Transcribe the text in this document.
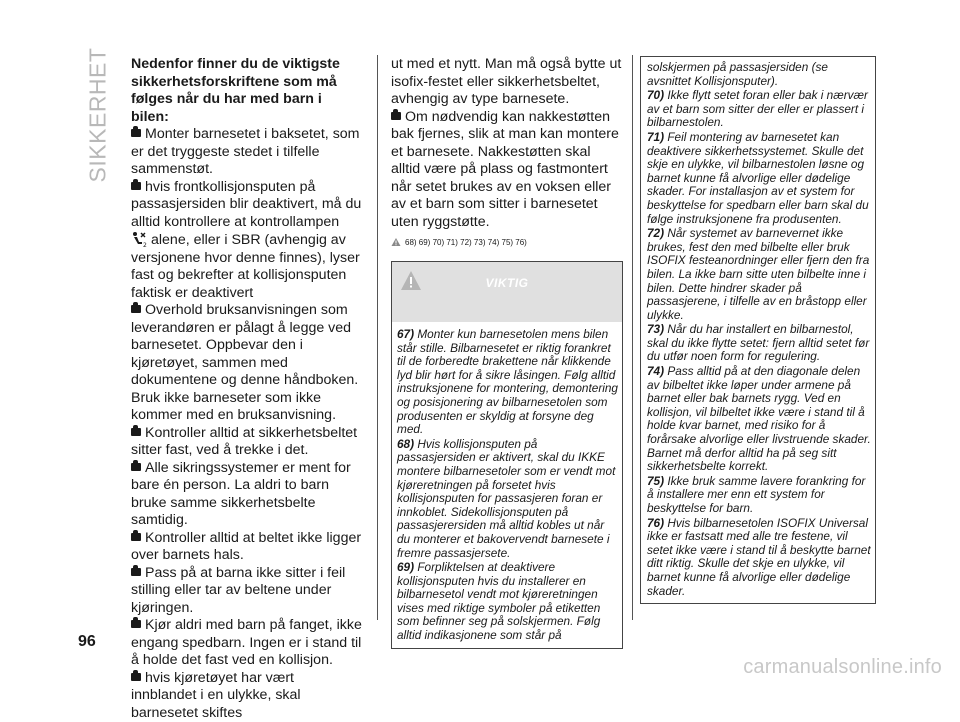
SIKKERHET Nedenfor finner du de viktigste sikkerhetsforskriftene som må følges når du har med barn i bilen:

Monter barnesetet i baksetet, som er det tryggeste stedet i tilfelle sammenstøt.
hvis frontkollisjonsputen på passasjersiden blir deaktivert, må du alltid kontrollere at kontrollampen
2 alene, eller i SBR (avhengig av versjonene hvor denne finnes), lyser fast og bekrefter at kollisjonsputen faktisk er deaktivert
Overhold bruksanvisningen som leverandøren er pålagt å legge ved barnesetet. Oppbevar den i kjøretøyet, sammen med dokumentene og denne håndboken. Bruk ikke barneseter som ikke kommer med en bruksanvisning.
Kontroller alltid at sikkerhetsbeltet sitter fast, ved å trekke i det.
Alle sikringssystemer er ment for bare én person. La aldri to barn bruke samme sikkerhetsbelte samtidig.
Kontroller alltid at beltet ikke ligger over barnets hals.
Pass på at barna ikke sitter i feil stilling eller tar av beltene under kjøringen.
Kjør aldri med barn på fanget, ikke engang spedbarn. Ingen er i stand til å holde det fast ved en kollisjon.
hvis kjøretøyet har vært innblandet i en ulykke, skal barnesetet skiftes

ut med et nytt. Man må også bytte ut isofix-festet eller sikkerhetsbeltet, avhengig av type barnesete.

Om nødvendig kan nakkestøtten bak fjernes, slik at man kan montere et barnesete. Nakkestøtten skal alltid være på plass og fastmontert når setet brukes av en voksen eller av et barn som sitter i barnesetet uten ryggstøtte.
68) 69) 70) 71) 72) 73) 74) 75) 76)
VIKTIG

67) Monter kun barnesetolen mens bilen står stille. Bilbarnesetet er riktig forankret til de forberedte brakettene når klikkende lyd blir hørt for å sikre låsingen. Følg alltid instruksjonene for montering, demontering og posisjonering av bilbarnesetolen som produsenten er skyldig at forsyne deg med.

68) Hvis kollisjonsputen på passasjersiden er aktivert, skal du IKKE montere bilbarnesetoler som er vendt mot kjøreretningen på forsetet hvis kollisjonsputen for passasjeren foran er innkoblet. Sidekollisjonsputen på passasjerersiden må alltid kobles ut når du monterer et bakovervendt barnesete i fremre passasjersete.

69) Forpliktelsen at deaktivere kollisjonsputen hvis du installerer en bilbarnesetol vendt mot kjøreretningen vises med riktige symboler på etiketten som befinner seg på solskjermen. Følg alltid indikasjonene som står på

solskjermen på passasjersiden (se avsnittet Kollisjonsputer).

70) Ikke flytt setet foran eller bak i nærvær av et barn som sitter der eller er plassert i bilbarnestolen.

71) Feil montering av barnesetet kan deaktivere sikkerhetssystemet. Skulle det skje en ulykke, vil bilbarnestolen løsne og barnet kunne få alvorlige eller dødelige skader. For installasjon av et system for beskyttelse for spedbarn eller barn skal du følge instruksjonene fra produsenten.

72) Når systemet av barnevernet ikke brukes, fest den med bilbelte eller bruk ISOFIX festeanordninger eller fjern den fra bilen. La ikke barn sitte uten bilbelte inne i bilen. Dette hindrer skader på passasjerene, i tilfelle av en bråstopp eller ulykke.

73) Når du har installert en bilbarnestol, skal du ikke flytte setet: fjern alltid setet før du utfør noen form for regulering.

74) Pass alltid på at den diagonale delen av bilbeltet ikke løper under armene på barnet eller bak barnets rygg. Ved en kollisjon, vil bilbeltet ikke være i stand til å holde kvar barnet, med risiko for å forårsake alvorlige eller livstruende skader. Barnet må derfor alltid ha på seg sitt sikkerhetsbelte korrekt.

75) Ikke bruk samme lavere forankring for å installere mer enn ett system for beskyttelse for barn.

76) Hvis bilbarnesetolen ISOFIX Universal ikke er fastsatt med alle tre festene, vil setet ikke være i stand til å beskytte barnet ditt riktig. Skulle det skje en ulykke, vil barnet kunne få alvorlige eller dødelige skader.

96
carmanualsonline.info
